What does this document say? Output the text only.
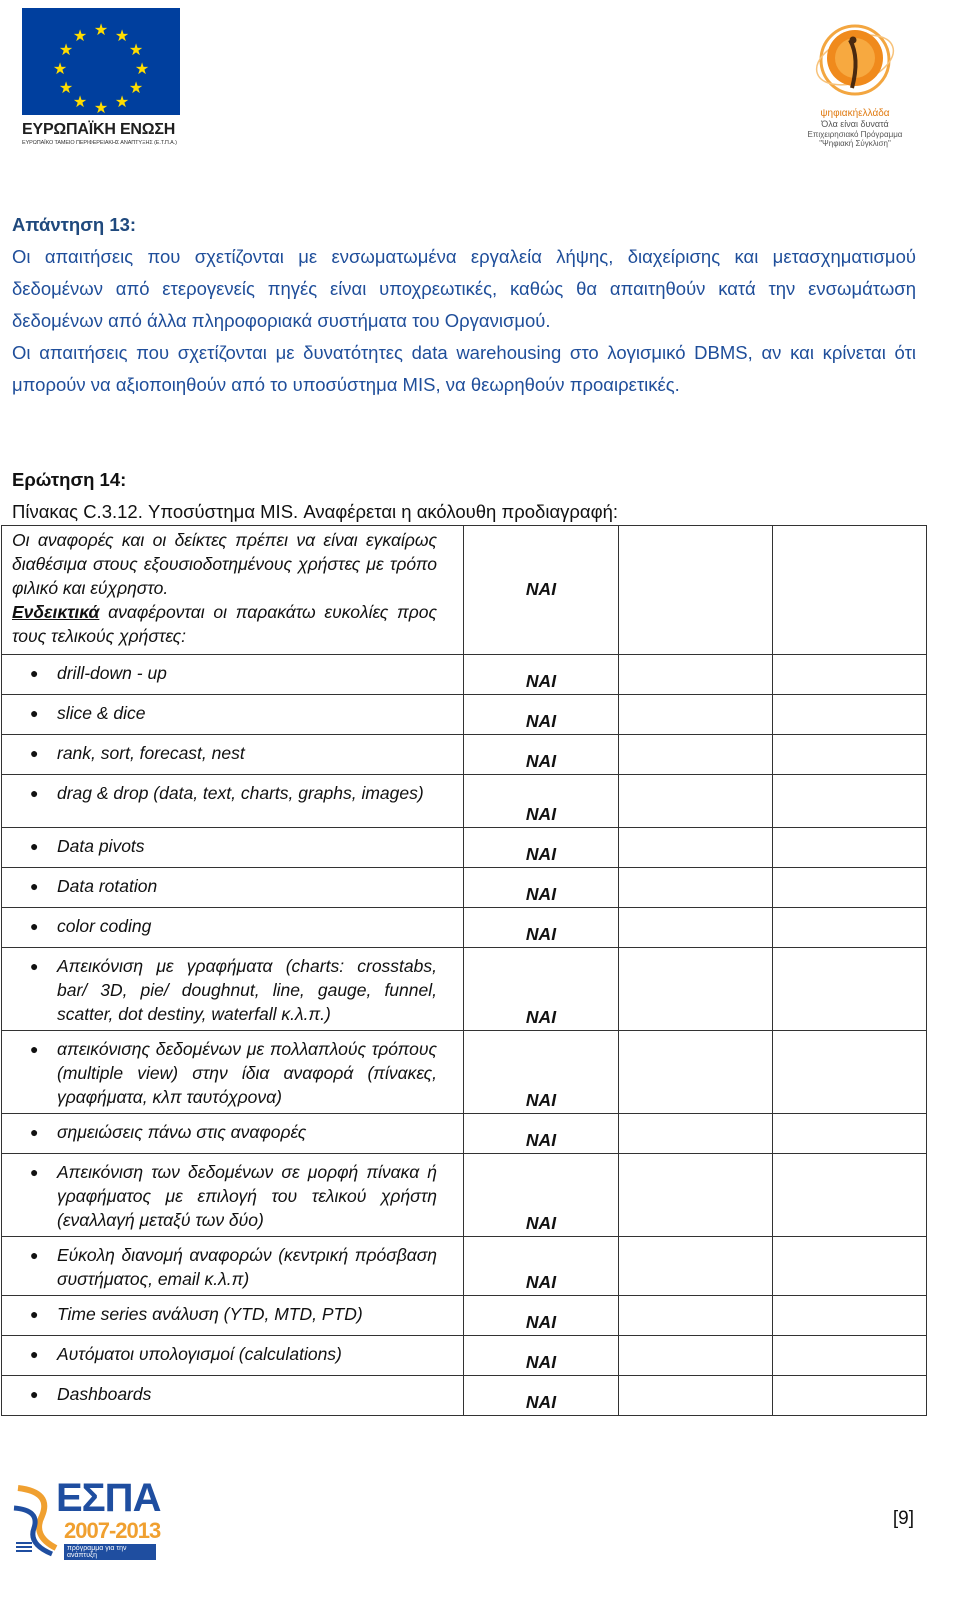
★ ★
★
★
★
★
★
★
★
★
★
★
ΕΥΡΩΠΑΪΚΗ ΕΝΩΣΗ
ΕΥΡΩΠΑΪΚΟ ΤΑΜΕΙΟ ΠΕΡΙΦΕΡΕΙΑΚΗΣ ΑΝΑΠΤΥΞΗΣ (Ε.Τ.Π.Α.)
ψηφιακήελλάδα
Όλα είναι δυνατά
Επιχειρησιακό Πρόγραμμα
"Ψηφιακή Σύγκλιση"
Απάντηση 13:

Οι απαιτήσεις που σχετίζονται με ενσωματωμένα εργαλεία λήψης, διαχείρισης και μετασχηματισμού δεδομένων από ετερογενείς πηγές είναι υποχρεωτικές, καθώς θα απαιτηθούν κατά την ενσωμάτωση δεδομένων από άλλα πληροφοριακά συστήματα του Οργανισμού.

Οι απαιτήσεις που σχετίζονται με δυνατότητες data warehousing στο λογισμικό DBMS, αν και κρίνεται ότι μπορούν να αξιοποιηθούν από το υποσύστημα MIS, να θεωρηθούν προαιρετικές.

Ερώτηση 14:
Πίνακας C.3.12. Υποσύστημα MIS. Αναφέρεται η ακόλουθη προδιαγραφή:
Οι αναφορές και οι δείκτες πρέπει να είναι εγκαίρως διαθέσιμα στους εξουσιοδοτημένους χρήστες με τρόπο φιλικό και εύχρηστο.
Ενδεικτικά αναφέρονται οι παρακάτω ευκολίες προς τους τελικούς χρήστες:	ΝΑΙ		

● drill-down - up	ΝΑΙ		

● slice & dice	ΝΑΙ		

● rank, sort, forecast, nest	ΝΑΙ		

● drag & drop (data, text, charts, graphs, images)	ΝΑΙ		

● Data pivots	ΝΑΙ		

● Data rotation	ΝΑΙ		

● color coding	ΝΑΙ		

● Απεικόνιση με γραφήματα (charts: crosstabs, bar/ 3D, pie/ doughnut, line, gauge, funnel, scatter, dot destiny, waterfall κ.λ.π.)	ΝΑΙ		

● απεικόνισης δεδομένων με πολλαπλούς τρόπους (multiple view) στην ίδια αναφορά (πίνακες, γραφήματα, κλπ ταυτόχρονα)	ΝΑΙ		

● σημειώσεις πάνω στις αναφορές	ΝΑΙ		

● Απεικόνιση των δεδομένων σε μορφή πίνακα ή γραφήματος με επιλογή του τελικού χρήστη (εναλλαγή μεταξύ των δύο)	ΝΑΙ		

● Εύκολη διανομή αναφορών (κεντρική πρόσβαση συστήματος, email κ.λ.π)	ΝΑΙ		

● Time series ανάλυση (YTD, MTD, PTD)	ΝΑΙ		

● Αυτόματοι υπολογισμοί (calculations)	ΝΑΙ		

● Dashboards	ΝΑΙ		
ΕΣΠΑ
2007-2013
πρόγραμμα για την ανάπτυξη
[9]
